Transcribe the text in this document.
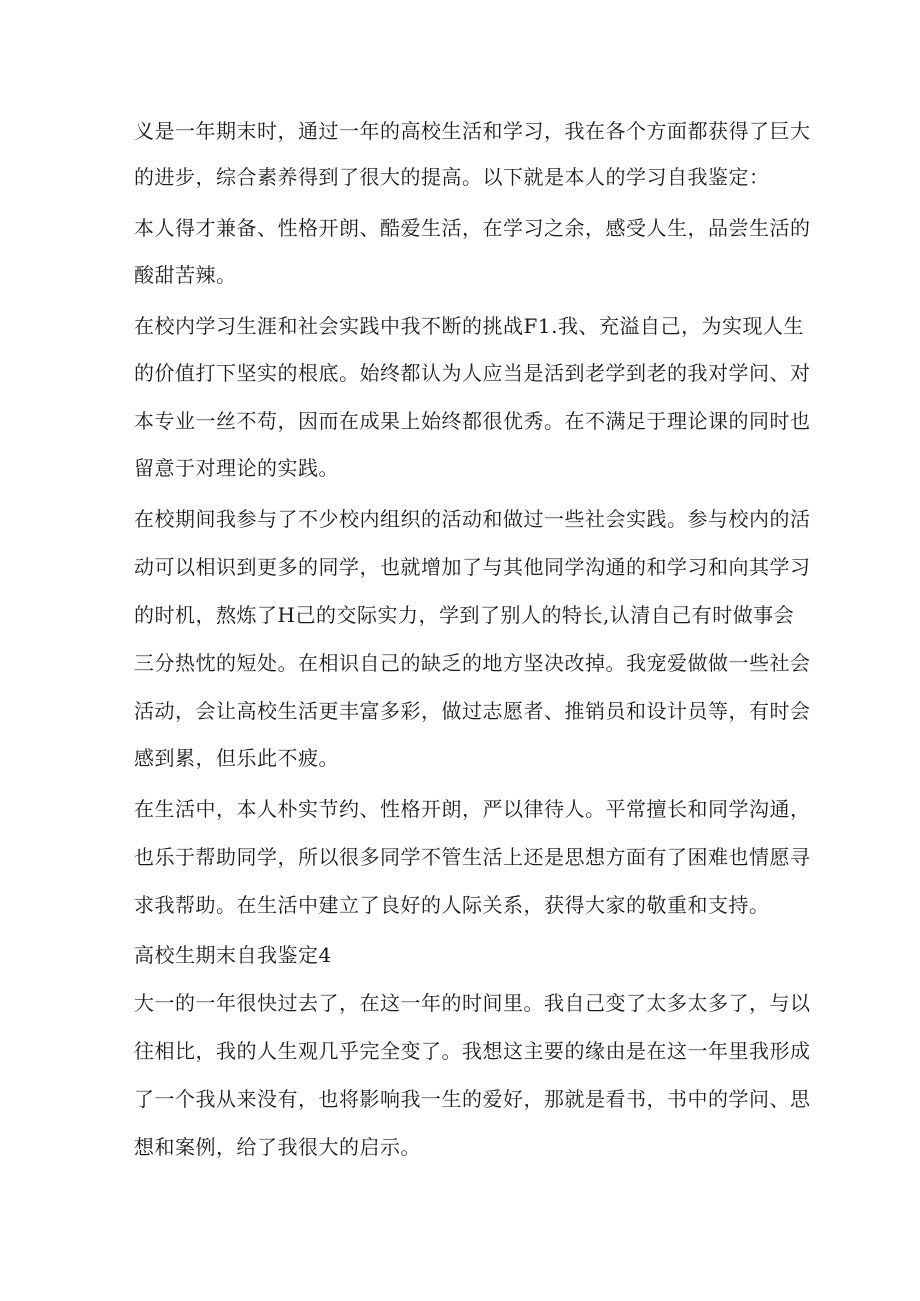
义是一年期末时，通过一年的高校生活和学习，我在各个方面都获得了巨大
的进步，综合素养得到了很大的提高。以下就是本人的学习自我鉴定：
本人得才兼备、性格开朗、酷爱生活，在学习之余，感受人生，品尝生活的
酸甜苦辣。
在校内学习生涯和社会实践中我不断的挑战F1.我、充溢自己，为实现人生
的价值打下坚实的根底。始终都认为人应当是活到老学到老的我对学问、对
本专业一丝不苟，因而在成果上始终都很优秀。在不满足于理论课的同时也
留意于对理论的实践。
在校期间我参与了不少校内组织的活动和做过一些社会实践。参与校内的活
动可以相识到更多的同学，也就增加了与其他同学沟通的和学习和向其学习
的时机，熬炼了H己的交际实力，学到了别人的特长,认清自己有时做事会
三分热忱的短处。在相识自己的缺乏的地方坚决改掉。我宠爱做做一些社会
活动，会让高校生活更丰富多彩，做过志愿者、推销员和设计员等，有时会
感到累，但乐此不疲。
在生活中，本人朴实节约、性格开朗，严以律待人。平常擅长和同学沟通，
也乐于帮助同学，所以很多同学不管生活上还是思想方面有了困难也情愿寻
求我帮助。在生活中建立了良好的人际关系，获得大家的敬重和支持。
高校生期末自我鉴定4
大一的一年很快过去了，在这一年的时间里。我自己变了太多太多了，与以
往相比，我的人生观几乎完全变了。我想这主要的缘由是在这一年里我形成
了一个我从来没有，也将影响我一生的爱好，那就是看书，书中的学问、思
想和案例，给了我很大的启示。
